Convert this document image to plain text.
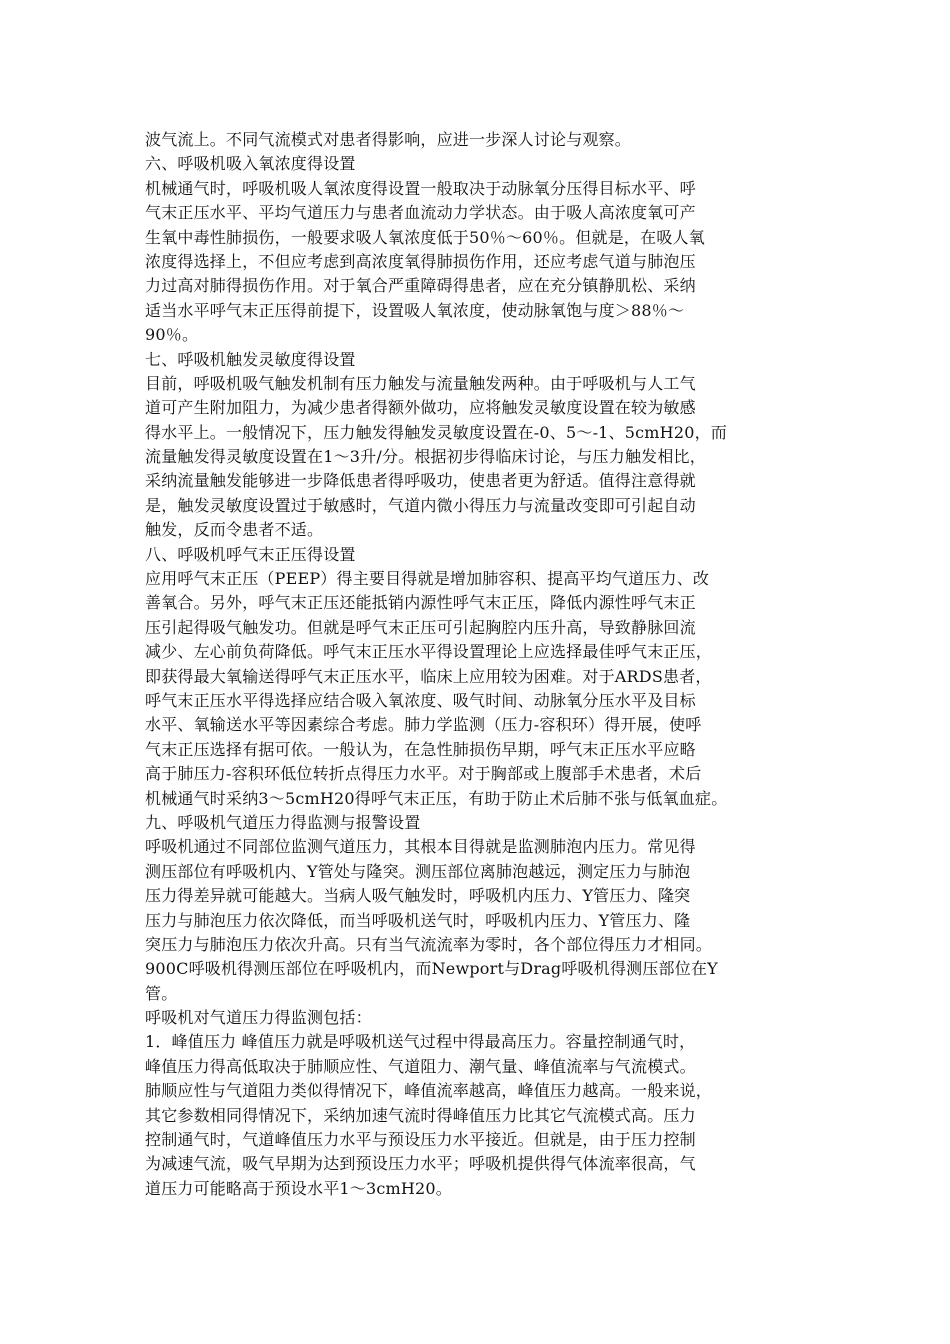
波气流上。不同气流模式对患者得影响，应进一步深人讨论与观察。
六、呼吸机吸入氧浓度得设置
机械通气时，呼吸机吸人氧浓度得设置一般取决于动脉氧分压得目标水平、呼
气末正压水平、平均气道压力与患者血流动力学状态。由于吸人高浓度氧可产
生氧中毒性肺损伤，一般要求吸人氧浓度低于50％～60％。但就是，在吸人氧
浓度得选择上，不但应考虑到高浓度氧得肺损伤作用，还应考虑气道与肺泡压
力过高对肺得损伤作用。对于氧合严重障碍得患者，应在充分镇静肌松、采纳
适当水平呼气末正压得前提下，设置吸人氧浓度，使动脉氧饱与度＞88％～
90％。
七、呼吸机触发灵敏度得设置
目前，呼吸机吸气触发机制有压力触发与流量触发两种。由于呼吸机与人工气
道可产生附加阻力，为减少患者得额外做功，应将触发灵敏度设置在较为敏感
得水平上。一般情况下，压力触发得触发灵敏度设置在-0、5～-1、5cmH20，而
流量触发得灵敏度设置在1～3升/分。根据初步得临床讨论，与压力触发相比，
采纳流量触发能够进一步降低患者得呼吸功，使患者更为舒适。值得注意得就
是，触发灵敏度设置过于敏感时，气道内微小得压力与流量改变即可引起自动
触发，反而令患者不适。
八、呼吸机呼气末正压得设置
应用呼气末正压（PEEP）得主要目得就是增加肺容积、提高平均气道压力、改
善氧合。另外，呼气末正压还能抵销内源性呼气末正压，降低内源性呼气末正
压引起得吸气触发功。但就是呼气末正压可引起胸腔内压升高，导致静脉回流
减少、左心前负荷降低。呼气末正压水平得设置理论上应选择最佳呼气末正压，
即获得最大氧输送得呼气末正压水平，临床上应用较为困难。对于ARDS患者，
呼气末正压水平得选择应结合吸入氧浓度、吸气时间、动脉氧分压水平及目标
水平、氧输送水平等因素综合考虑。肺力学监测（压力-容积环）得开展，使呼
气末正压选择有据可依。一般认为，在急性肺损伤早期，呼气末正压水平应略
高于肺压力-容积环低位转折点得压力水平。对于胸部或上腹部手术患者，术后
机械通气时采纳3～5cmH20得呼气末正压，有助于防止术后肺不张与低氧血症。
九、呼吸机气道压力得监测与报警设置
呼吸机通过不同部位监测气道压力，其根本目得就是监测肺泡内压力。常见得
测压部位有呼吸机内、Y管处与隆突。测压部位离肺泡越远，测定压力与肺泡
压力得差异就可能越大。当病人吸气触发时，呼吸机内压力、Y管压力、隆突
压力与肺泡压力依次降低，而当呼吸机送气时，呼吸机内压力、Y管压力、隆
突压力与肺泡压力依次升高。只有当气流流率为零时，各个部位得压力才相同。
900C呼吸机得测压部位在呼吸机内，而Newport与Drag呼吸机得测压部位在Y
管。
呼吸机对气道压力得监测包括：
1．峰值压力 峰值压力就是呼吸机送气过程中得最高压力。容量控制通气时，
峰值压力得高低取决于肺顺应性、气道阻力、潮气量、峰值流率与气流模式。
肺顺应性与气道阻力类似得情况下，峰值流率越高，峰值压力越高。一般来说，
其它参数相同得情况下，采纳加速气流时得峰值压力比其它气流模式高。压力
控制通气时，气道峰值压力水平与预设压力水平接近。但就是，由于压力控制
为减速气流，吸气早期为达到预设压力水平；呼吸机提供得气体流率很高，气
道压力可能略高于预设水平1～3cmH20。
